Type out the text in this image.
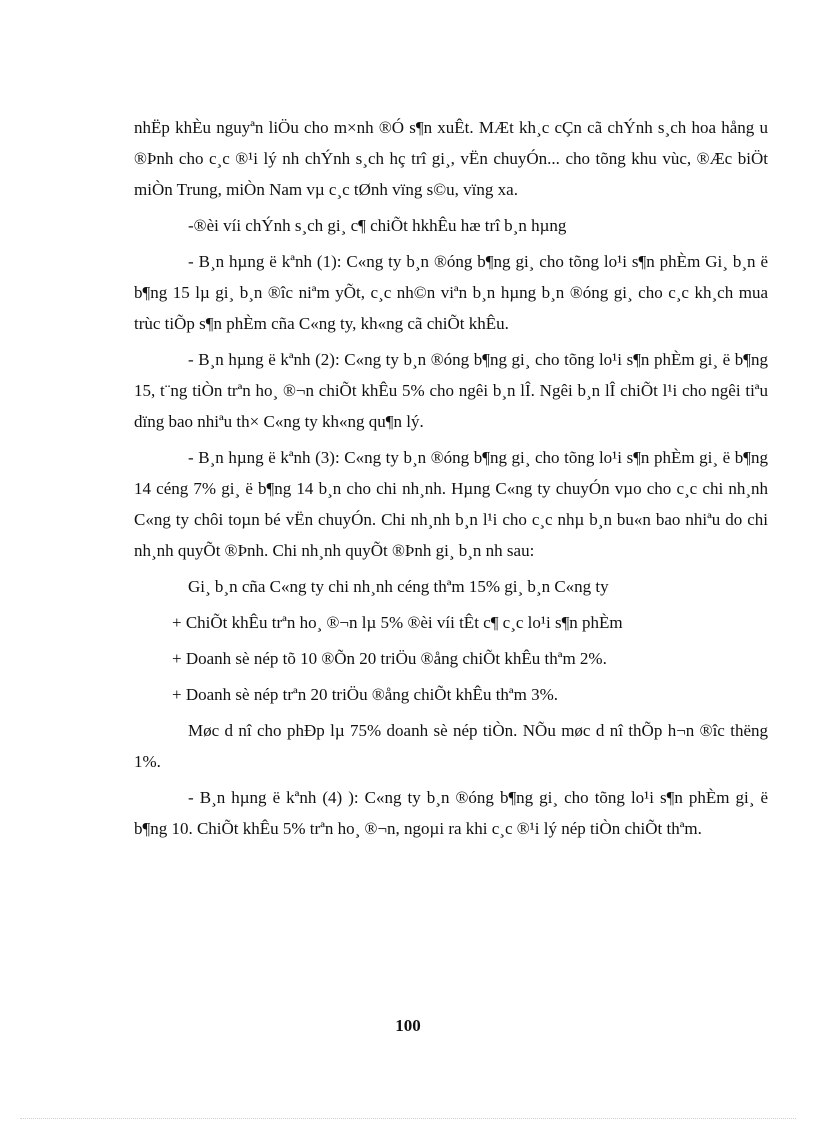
nhËp khÈu nguyªn liÖu cho m×nh ®Ó s¶n xuÊt. MÆt kh¸c cÇn cã chÝnh s¸ch hoa hång u ®Þnh cho c¸c ®¹i lý nh chÝnh s¸ch hç trî gi¸, vËn chuyÓn... cho tõng khu vùc, ®Æc biÖt miÒn Trung, miÒn Nam vµ c¸c tØnh vïng s©u, vïng xa.

-®èi víi chÝnh s¸ch gi¸ c¶ chiÕt hkhÊu hæ trî b¸n hµng

- B¸n hµng ë kªnh (1): C«ng ty b¸n ®óng b¶ng gi¸ cho tõng lo¹i s¶n phÈm Gi¸ b¸n ë b¶ng 15 lµ gi¸ b¸n ®îc niªm yÕt, c¸c nh©n viªn b¸n hµng b¸n ®óng gi¸ cho c¸c kh¸ch mua trùc tiÕp s¶n phÈm cña C«ng ty, kh«ng cã chiÕt khÊu.

- B¸n hµng ë kªnh (2): C«ng ty b¸n ®óng b¶ng gi¸ cho tõng lo¹i s¶n phÈm gi¸ ë b¶ng 15, t¨ng tiÒn trªn ho¸ ®¬n chiÕt khÊu 5% cho ngêi b¸n lÎ. Ngêi b¸n lÎ chiÕt l¹i cho ngêi tiªu dïng bao nhiªu th× C«ng ty kh«ng qu¶n lý.

- B¸n hµng ë kªnh (3): C«ng ty b¸n ®óng b¶ng gi¸ cho tõng lo¹i s¶n phÈm gi¸ ë b¶ng 14 céng 7% gi¸ ë b¶ng 14 b¸n cho chi nh¸nh. Hµng C«ng ty chuyÓn vµo cho c¸c chi nh¸nh C«ng ty chôi toµn bé vËn chuyÓn. Chi nh¸nh b¸n l¹i cho c¸c nhµ b¸n bu«n bao nhiªu do chi nh¸nh quyÕt ®Þnh. Chi nh¸nh quyÕt ®Þnh gi¸ b¸n nh sau:

Gi¸ b¸n cña C«ng ty chi nh¸nh céng thªm 15% gi¸ b¸n C«ng ty

+ ChiÕt khÊu trªn ho¸ ®¬n lµ 5% ®èi víi tÊt c¶ c¸c lo¹i s¶n phÈm

+ Doanh sè nép tõ 10 ®Õn 20 triÖu ®ång chiÕt khÊu thªm 2%.

+ Doanh sè nép trªn 20 triÖu ®ång chiÕt khÊu thªm 3%.

Møc d nî cho phÐp lµ 75% doanh sè nép tiÒn. NÕu møc d nî thÕp h¬n ®îc thëng 1%.

- B¸n hµng ë kªnh (4) ): C«ng ty b¸n ®óng b¶ng gi¸ cho tõng lo¹i s¶n phÈm gi¸ ë b¶ng 10. ChiÕt khÊu 5% trªn ho¸ ®¬n, ngoµi ra khi c¸c ®¹i lý nép tiÒn chiÕt thªm.

100
